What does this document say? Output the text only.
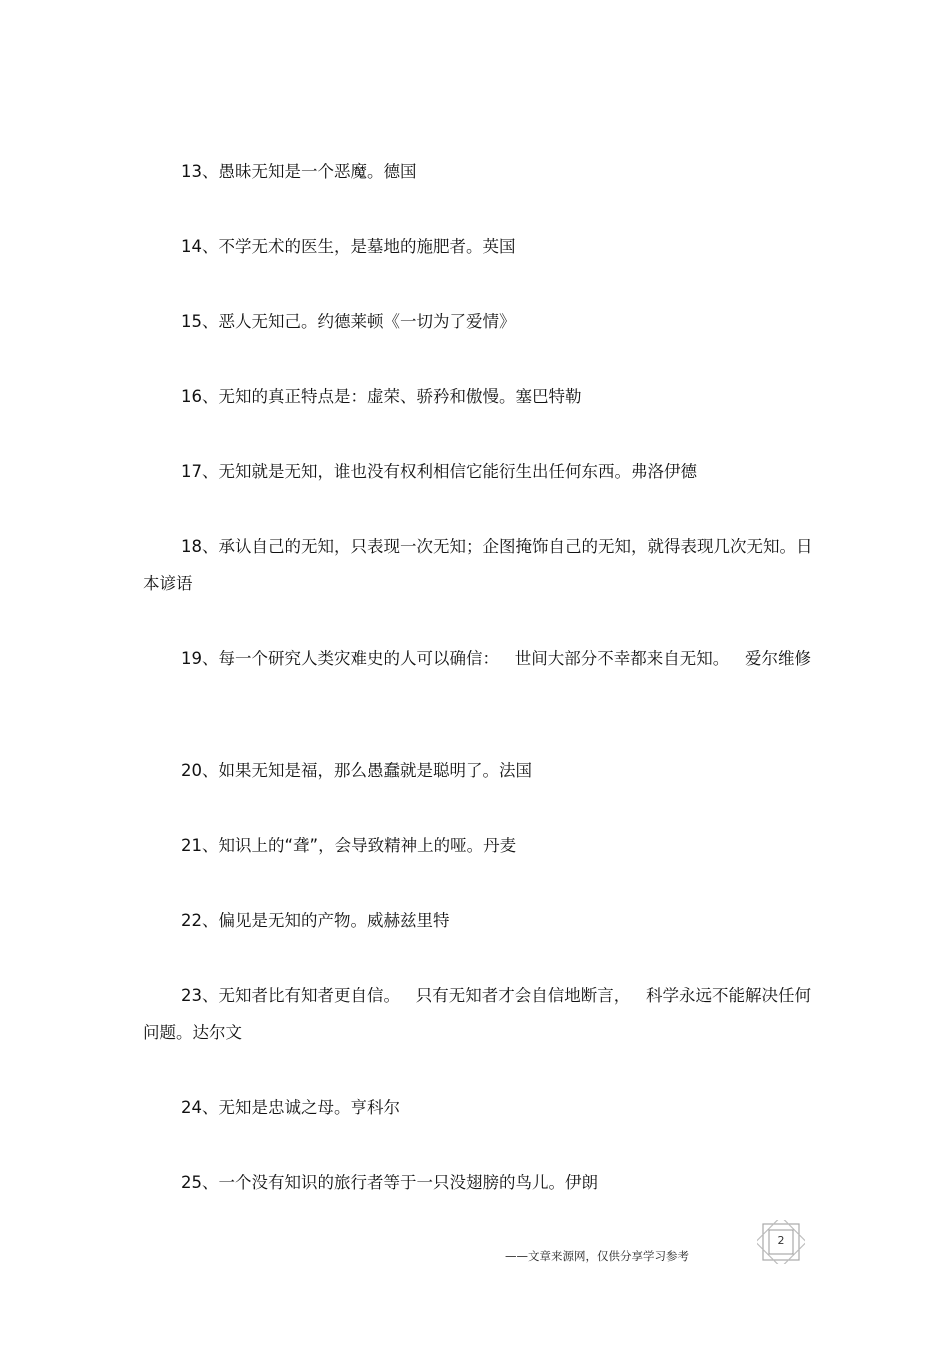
13、愚昧无知是一个恶魔。德国

14、不学无术的医生，是墓地的施肥者。英国

15、恶人无知己。约德莱顿《一切为了爱情》

16、无知的真正特点是：虚荣、骄矜和傲慢。塞巴特勒

17、无知就是无知，谁也没有权利相信它能衍生出任何东西。弗洛伊德

18、承认自己的无知，只表现一次无知；企图掩饰自己的无知，就得表现几次无知。日本谚语

19、每一个研究人类灾难史的人可以确信：   世间大部分不幸都来自无知。   爱尔维修

20、如果无知是福，那么愚蠢就是聪明了。法国

21、知识上的“聋”，会导致精神上的哑。丹麦

22、偏见是无知的产物。威赫兹里特

23、无知者比有知者更自信。   只有无知者才会自信地断言，   科学永远不能解决任何问题。达尔文

24、无知是忠诚之母。亨科尔

25、一个没有知识的旅行者等于一只没翅膀的鸟儿。伊朗

——文章来源网，仅供分享学习参考
2
